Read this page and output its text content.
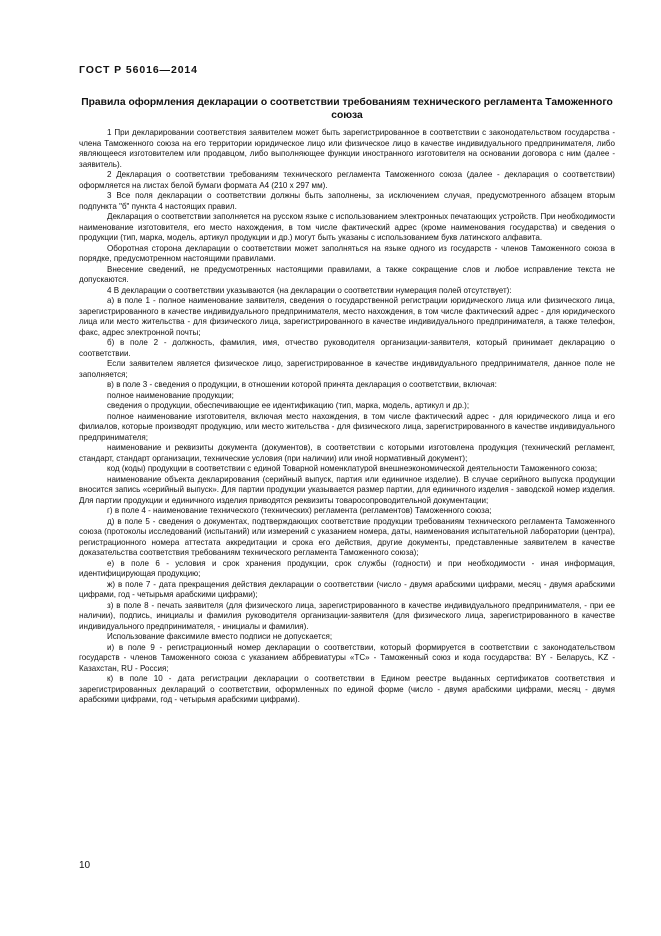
ГОСТ Р 56016—2014
Правила оформления декларации о соответствии требованиям технического регламента Таможенного союза

1 При декларировании соответствия заявителем может быть зарегистрированное в соответствии с законодательством государства - члена Таможенного союза на его территории юридическое лицо или физическое лицо в качестве индивидуального предпринимателя, либо являющееся изготовителем или продавцом, либо выполняющее функции иностранного изготовителя на основании договора с ним (далее - заявитель).

2 Декларация о соответствии требованиям технического регламента Таможенного союза (далее - декларация о соответствии) оформляется на листах белой бумаги формата А4 (210 х 297 мм).

3 Все поля декларации о соответствии должны быть заполнены, за исключением случая, предусмотренного абзацем вторым подпункта "б" пункта 4 настоящих правил.

Декларация о соответствии заполняется на русском языке с использованием электронных печатающих устройств. При необходимости наименование изготовителя, его место нахождения, в том числе фактический адрес (кроме наименования государства) и сведения о продукции (тип, марка, модель, артикул продукции и др.) могут быть указаны с использованием букв латинского алфавита.

Оборотная сторона декларации о соответствии может заполняться на языке одного из государств - членов Таможенного союза в порядке, предусмотренном настоящими правилами.

Внесение сведений, не предусмотренных настоящими правилами, а также сокращение слов и любое исправление текста не допускаются.

4 В декларации о соответствии указываются (на декларации о соответствии нумерация полей отсутствует):

а) в поле 1 - полное наименование заявителя, сведения о государственной регистрации юридического лица или физического лица, зарегистрированного в качестве индивидуального предпринимателя, место нахождения, в том числе фактический адрес - для юридического лица или место жительства - для физического лица, зарегистрированного в качестве индивидуального предпринимателя, а также телефон, факс, адрес электронной почты;

б) в поле 2 - должность, фамилия, имя, отчество руководителя организации-заявителя, который принимает декларацию о соответствии.

Если заявителем является физическое лицо, зарегистрированное в качестве индивидуального предпринимателя, данное поле не заполняется;

в) в поле 3 - сведения о продукции, в отношении которой принята декларация о соответствии, включая:

полное наименование продукции;

сведения о продукции, обеспечивающие ее идентификацию (тип, марка, модель, артикул и др.);

полное наименование изготовителя, включая место нахождения, в том числе фактический адрес - для юридического лица и его филиалов, которые производят продукцию, или место жительства - для физического лица, зарегистрированного в качестве индивидуального предпринимателя;

наименование и реквизиты документа (документов), в соответствии с которыми изготовлена продукция (технический регламент, стандарт, стандарт организации, технические условия (при наличии) или иной нормативный документ);

код (коды) продукции в соответствии с единой Товарной номенклатурой внешнеэкономической деятельности Таможенного союза;

наименование объекта декларирования (серийный выпуск, партия или единичное изделие). В случае серийного выпуска продукции вносится запись «серийный выпуск». Для партии продукции указывается размер партии, для единичного изделия - заводской номер изделия. Для партии продукции и единичного изделия приводятся реквизиты товаросопроводительной документации;

г) в поле 4 - наименование технического (технических) регламента (регламентов) Таможенного союза;

д) в поле 5 - сведения о документах, подтверждающих соответствие продукции требованиям технического регламента Таможенного союза (протоколы исследований (испытаний) или измерений с указанием номера, даты, наименования испытательной лаборатории (центра), регистрационного номера аттестата аккредитации и срока его действия, другие документы, представленные заявителем в качестве доказательства соответствия требованиям технического регламента Таможенного союза);

е) в поле 6 - условия и срок хранения продукции, срок службы (годности) и при необходимости - иная информация, идентифицирующая продукцию;

ж) в поле 7 - дата прекращения действия декларации о соответствии (число - двумя арабскими цифрами, месяц - двумя арабскими цифрами, год - четырьмя арабскими цифрами);

з) в поле 8 - печать заявителя (для физического лица, зарегистрированного в качестве индивидуального предпринимателя, - при ее наличии), подпись, инициалы и фамилия руководителя организации-заявителя (для физического лица, зарегистрированного в качестве индивидуального предпринимателя, - инициалы и фамилия).

Использование факсимиле вместо подписи не допускается;

и) в поле 9 - регистрационный номер декларации о соответствии, который формируется в соответствии с законодательством государств - членов Таможенного союза с указанием аббревиатуры «ТС» - Таможенный союз и кода государства: BY - Беларусь, KZ - Казахстан, RU - Россия;

к) в поле 10 - дата регистрации декларации о соответствии в Едином реестре выданных сертификатов соответствия и зарегистрированных деклараций о соответствии, оформленных по единой форме (число - двумя арабскими цифрами, месяц - двумя арабскими цифрами, год - четырьмя арабскими цифрами).

10
